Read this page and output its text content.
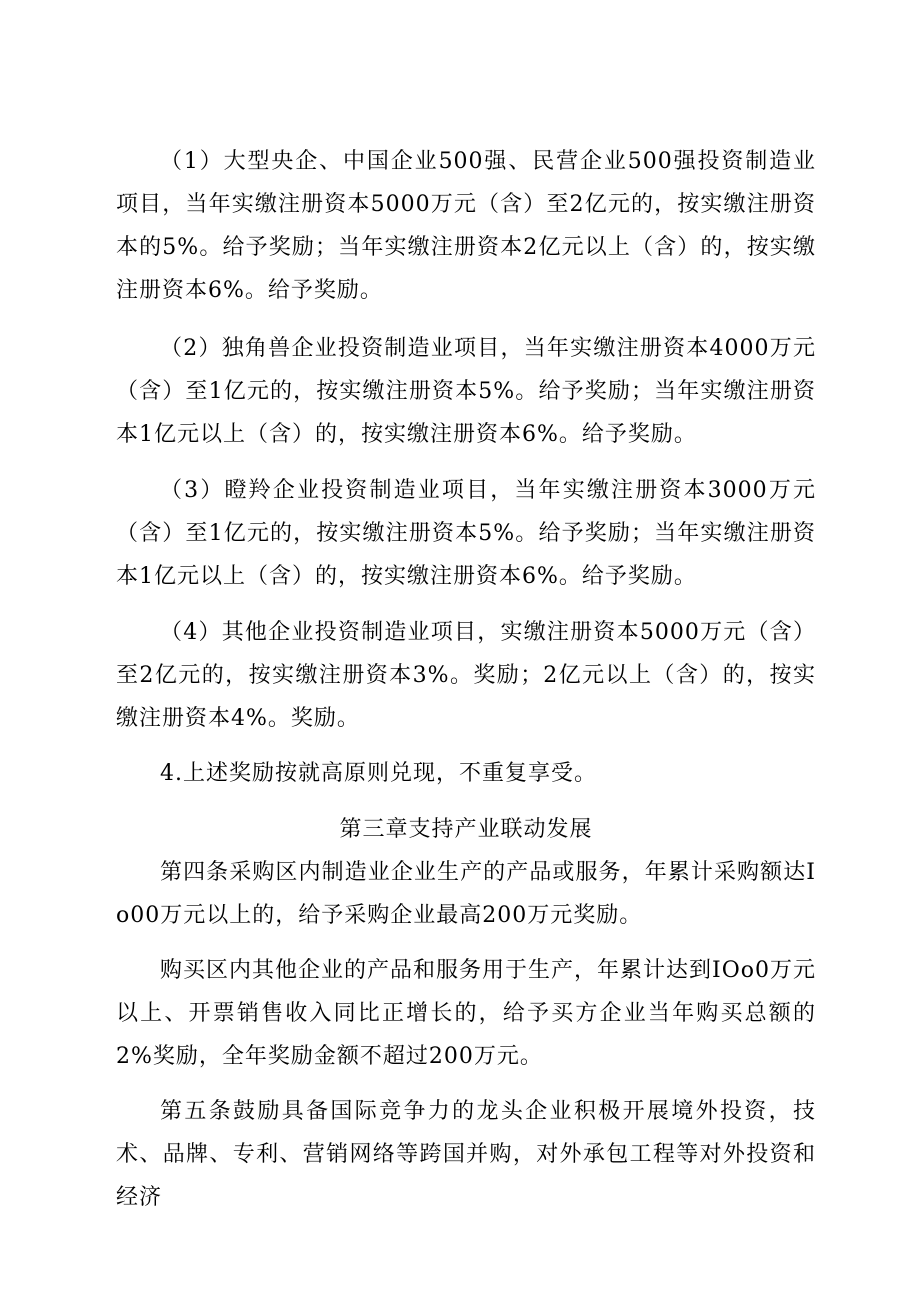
（1）大型央企、中国企业500强、民营企业500强投资制造业项目，当年实缴注册资本5000万元（含）至2亿元的，按实缴注册资本的5%。给予奖励；当年实缴注册资本2亿元以上（含）的，按实缴注册资本6%。给予奖励。

（2）独角兽企业投资制造业项目，当年实缴注册资本4000万元（含）至1亿元的，按实缴注册资本5%。给予奖励；当年实缴注册资本1亿元以上（含）的，按实缴注册资本6%。给予奖励。

（3）瞪羚企业投资制造业项目，当年实缴注册资本3000万元（含）至1亿元的，按实缴注册资本5%。给予奖励；当年实缴注册资本1亿元以上（含）的，按实缴注册资本6%。给予奖励。

（4）其他企业投资制造业项目，实缴注册资本5000万元（含）至2亿元的，按实缴注册资本3%。奖励；2亿元以上（含）的，按实缴注册资本4%。奖励。

4.上述奖励按就高原则兑现，不重复享受。

第三章支持产业联动发展

第四条采购区内制造业企业生产的产品或服务，年累计采购额达Io00万元以上的，给予采购企业最高200万元奖励。

购买区内其他企业的产品和服务用于生产，年累计达到IOo0万元以上、开票销售收入同比正增长的，给予买方企业当年购买总额的2%奖励，全年奖励金额不超过200万元。

第五条鼓励具备国际竞争力的龙头企业积极开展境外投资，技术、品牌、专利、营销网络等跨国并购，对外承包工程等对外投资和经济
